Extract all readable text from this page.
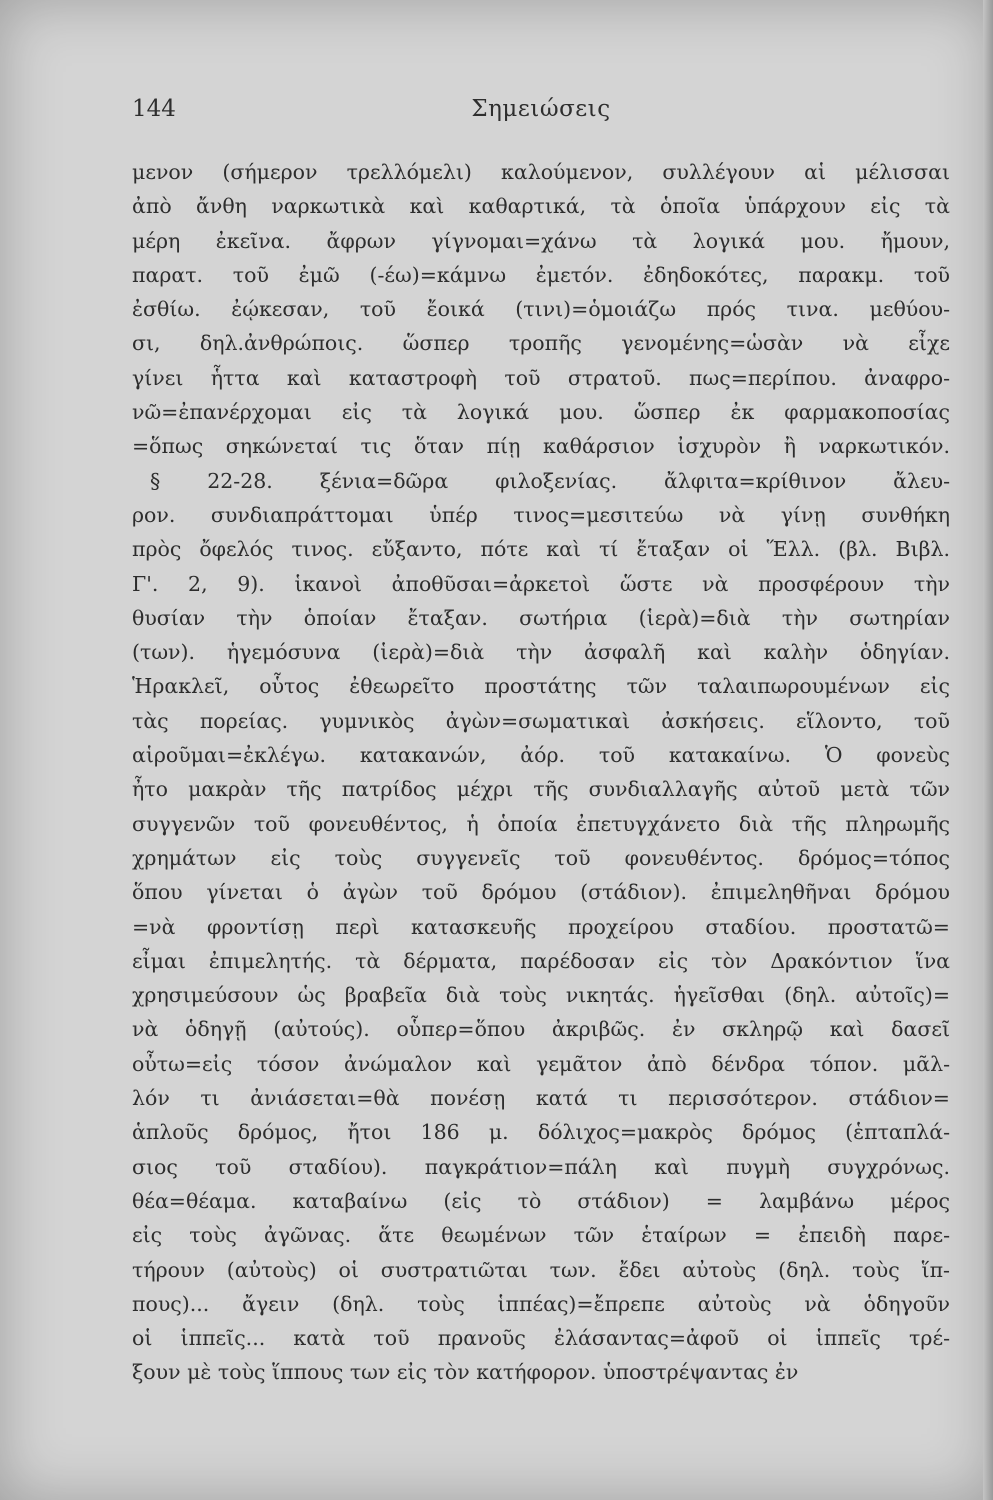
144	Σημειώσεις
μενον (σήμερον τρελλόμελι) καλούμενον, συλλέγουν αἱ μέλισσαι
ἀπὸ ἄνθη ναρκωτικὰ καὶ καθαρτικά, τὰ ὁποῖα ὑπάρχουν εἰς τὰ
μέρη ἐκεῖνα. ἄφρων γίγνομαι=χάνω τὰ λογικά μου. ἤμουν,
παρατ. τοῦ ἐμῶ (-έω)=κάμνω ἐμετόν. ἐδηδοκότες, παρακμ. τοῦ
ἐσθίω. ἐῴκεσαν, τοῦ ἔοικά (τινι)=ὁμοιάζω πρός τινα. μεθύου-
σι, δηλ.ἀνθρώποις. ὥσπερ τροπῆς γενομένης=ὡσὰν νὰ εἶχε
γίνει ἧττα καὶ καταστροφὴ τοῦ στρατοῦ. πως=περίπου. ἀναφρο-
νῶ=ἐπανέρχομαι εἰς τὰ λογικά μου. ὥσπερ ἐκ φαρμακοποσίας
=ὅπως σηκώνεταί τις ὅταν πίῃ καθάρσιον ἰσχυρὸν ἢ ναρκωτικόν.
§ 22-28. ξένια=δῶρα φιλοξενίας. ἄλφιτα=κρίθινον ἄλευ-
ρον. συνδιαπράττομαι ὑπέρ τινος=μεσιτεύω νὰ γίνῃ συνθήκη
πρὸς ὄφελός τινος. εὔξαντο, πότε καὶ τί ἔταξαν οἱ Ἕλλ. (βλ. Βιβλ.
Γ'. 2, 9). ἱκανοὶ ἀποθῦσαι=ἀρκετοὶ ὥστε νὰ προσφέρουν τὴν
θυσίαν τὴν ὁποίαν ἔταξαν. σωτήρια (ἱερὰ)=διὰ τὴν σωτηρίαν
(των). ἡγεμόσυνα (ἱερὰ)=διὰ τὴν ἀσφαλῆ καὶ καλὴν ὁδηγίαν.
Ἡρακλεῖ, οὗτος ἐθεωρεῖτο προστάτης τῶν ταλαιπωρουμένων εἰς
τὰς πορείας. γυμνικὸς ἀγὼν=σωματικαὶ ἀσκήσεις. εἵλοντο, τοῦ
αἱροῦμαι=ἐκλέγω. κατακανών, ἀόρ. τοῦ κατακαίνω. Ὁ φονεὺς
ἦτο μακρὰν τῆς πατρίδος μέχρι τῆς συνδιαλλαγῆς αὐτοῦ μετὰ τῶν
συγγενῶν τοῦ φονευθέντος, ἡ ὁποία ἐπετυγχάνετο διὰ τῆς πληρωμῆς
χρημάτων εἰς τοὺς συγγενεῖς τοῦ φονευθέντος. δρόμος=τόπος
ὅπου γίνεται ὁ ἀγὼν τοῦ δρόμου (στάδιον). ἐπιμεληθῆναι δρόμου
=νὰ φροντίσῃ περὶ κατασκευῆς προχείρου σταδίου. προστατῶ=
εἶμαι ἐπιμελητής. τὰ δέρματα, παρέδοσαν εἰς τὸν Δρακόντιον ἵνα
χρησιμεύσουν ὡς βραβεῖα διὰ τοὺς νικητάς. ἡγεῖσθαι (δηλ. αὐτοῖς)=
νὰ ὁδηγῇ (αὐτούς). οὗπερ=ὅπου ἀκριβῶς. ἐν σκληρῷ καὶ δασεῖ
οὖτω=εἰς τόσον ἀνώμαλον καὶ γεμᾶτον ἀπὸ δένδρα τόπον. μᾶλ-
λόν τι ἀνιάσεται=θὰ πονέσῃ κατά τι περισσότερον. στάδιον=
ἁπλοῦς δρόμος, ἤτοι 186 μ. δόλιχος=μακρὸς δρόμος (ἑπταπλά-
σιος τοῦ σταδίου). παγκράτιον=πάλη καὶ πυγμὴ συγχρόνως.
θέα=θέαμα. καταβαίνω (εἰς τὸ στάδιον) = λαμβάνω μέρος
εἰς τοὺς ἀγῶνας. ἅτε θεωμένων τῶν ἑταίρων = ἐπειδὴ παρε-
τήρουν (αὐτοὺς) οἱ συστρατιῶται των. ἔδει αὐτοὺς (δηλ. τοὺς ἵπ-
πους)... ἄγειν (δηλ. τοὺς ἱππέας)=ἔπρεπε αὐτοὺς νὰ ὁδηγοῦν
οἱ ἱππεῖς... κατὰ τοῦ πρανοῦς ἐλάσαντας=ἀφοῦ οἱ ἱππεῖς τρέ-
ξουν μὲ τοὺς ἵππους των εἰς τὸν κατήφορον. ὑποστρέψαντας ἐν
